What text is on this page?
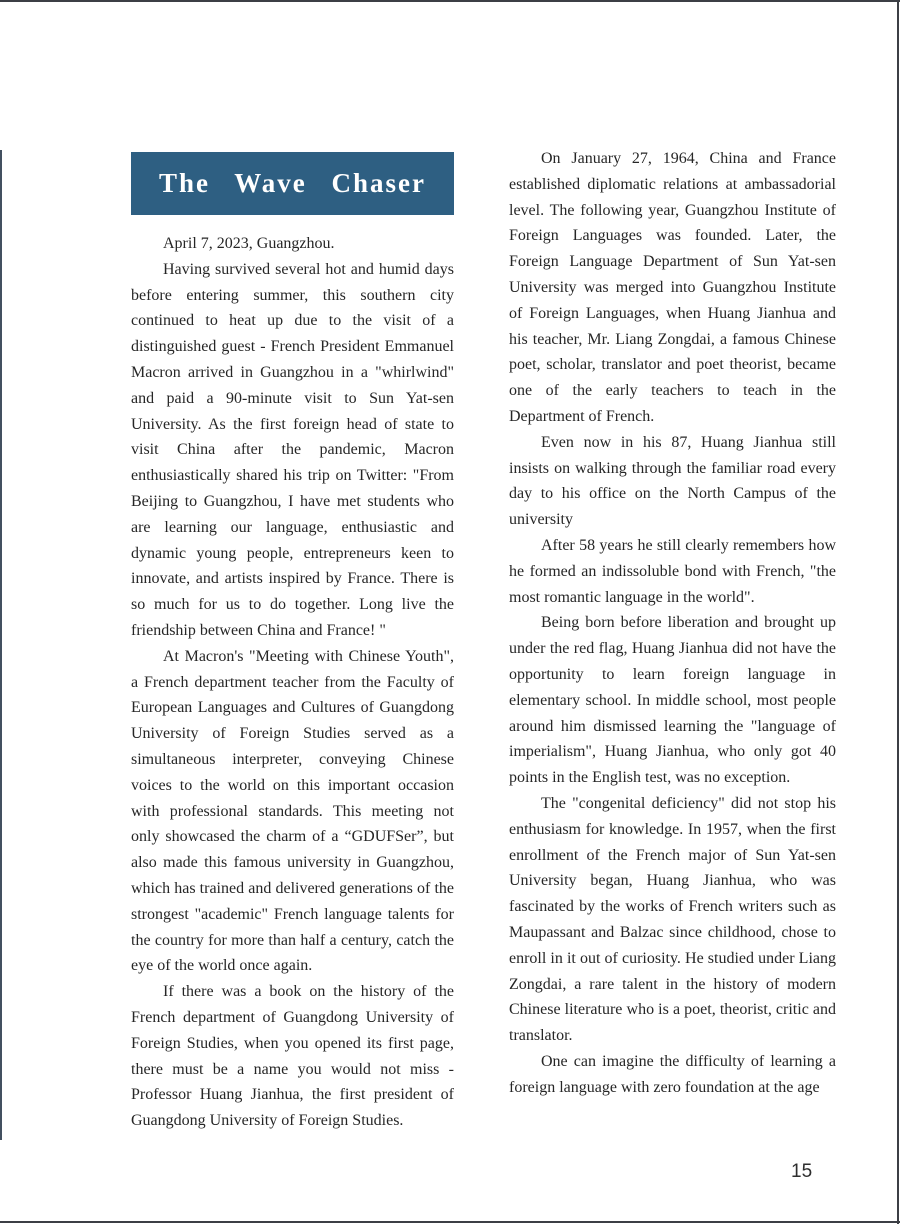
The Wave Chaser

April 7, 2023, Guangzhou.

Having survived several hot and humid days before entering summer, this southern city continued to heat up due to the visit of a distinguished guest - French President Emmanuel Macron arrived in Guangzhou in a "whirlwind" and paid a 90-minute visit to Sun Yat-sen University. As the first foreign head of state to visit China after the pandemic, Macron enthusiastically shared his trip on Twitter: "From Beijing to Guangzhou, I have met students who are learning our language, enthusiastic and dynamic young people, entrepreneurs keen to innovate, and artists inspired by France. There is so much for us to do together. Long live the friendship between China and France! "

At Macron's "Meeting with Chinese Youth", a French department teacher from the Faculty of European Languages and Cultures of Guangdong University of Foreign Studies served as a simultaneous interpreter, conveying Chinese voices to the world on this important occasion with professional standards. This meeting not only showcased the charm of a “GDUFSer”, but also made this famous university in Guangzhou, which has trained and delivered generations of the strongest "academic" French language talents for the country for more than half a century, catch the eye of the world once again.

If there was a book on the history of the French department of Guangdong University of Foreign Studies, when you opened its first page, there must be a name you would not miss - Professor Huang Jianhua, the first president of Guangdong University of Foreign Studies.

On January 27, 1964, China and France established diplomatic relations at ambassadorial level. The following year, Guangzhou Institute of Foreign Languages was founded. Later, the Foreign Language Department of Sun Yat-sen University was merged into Guangzhou Institute of Foreign Languages, when Huang Jianhua and his teacher, Mr. Liang Zongdai, a famous Chinese poet, scholar, translator and poet theorist, became one of the early teachers to teach in the Department of French.

Even now in his 87, Huang Jianhua still insists on walking through the familiar road every day to his office on the North Campus of the university

After 58 years he still clearly remembers how he formed an indissoluble bond with French, "the most romantic language in the world".

Being born before liberation and brought up under the red flag, Huang Jianhua did not have the opportunity to learn foreign language in elementary school. In middle school, most people around him dismissed learning the "language of imperialism", Huang Jianhua, who only got 40 points in the English test, was no exception.

The "congenital deficiency" did not stop his enthusiasm for knowledge. In 1957, when the first enrollment of the French major of Sun Yat-sen University began, Huang Jianhua, who was fascinated by the works of French writers such as Maupassant and Balzac since childhood, chose to enroll in it out of curiosity. He studied under Liang Zongdai, a rare talent in the history of modern Chinese literature who is a poet, theorist, critic and translator.

One can imagine the difficulty of learning a foreign language with zero foundation at the age

15
